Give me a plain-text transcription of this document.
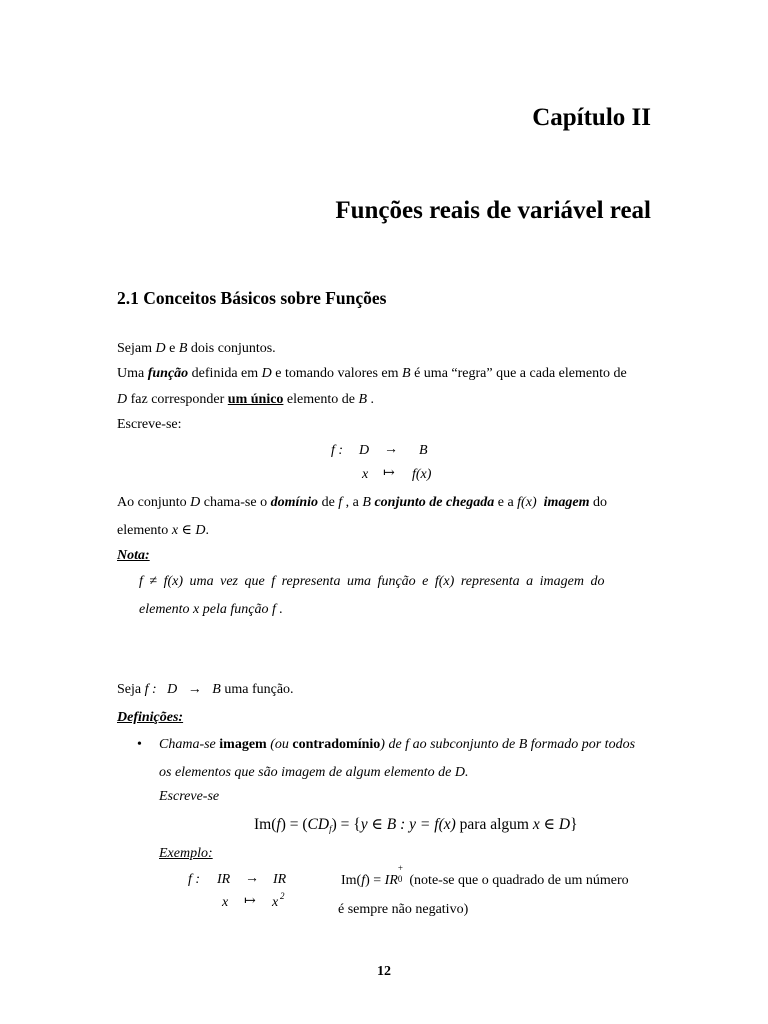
Capítulo II
Funções reais de variável real
2.1 Conceitos Básicos sobre Funções
Sejam D e B dois conjuntos.
Uma função definida em D e tomando valores em B é uma “regra” que a cada elemento de
D faz corresponder um único elemento de B .
Escreve-se:
f : D → B
x ↦ f(x)
Ao conjunto D chama-se o domínio de f , a B conjunto de chegada e a f(x) imagem do
elemento x ∈ D.
Nota:
f ≠ f(x) uma vez que f representa uma função e f(x) representa a imagem do
elemento x pela função f .
Seja f : D → B uma função.
Definições:
• Chama-se imagem (ou contradomínio) de f ao subconjunto de B formado por todos
os elementos que são imagem de algum elemento de D.
Escreve-se
$Im(f) = (CD_f) = \{y$ ∈ B : y = f(x) para algum x ∈ D}
Exemplo:
f : IR → IR
x ↦ x 2
Im(f) = IR
+
0 (note-se que o quadrado de um número
é sempre não negativo)
12
